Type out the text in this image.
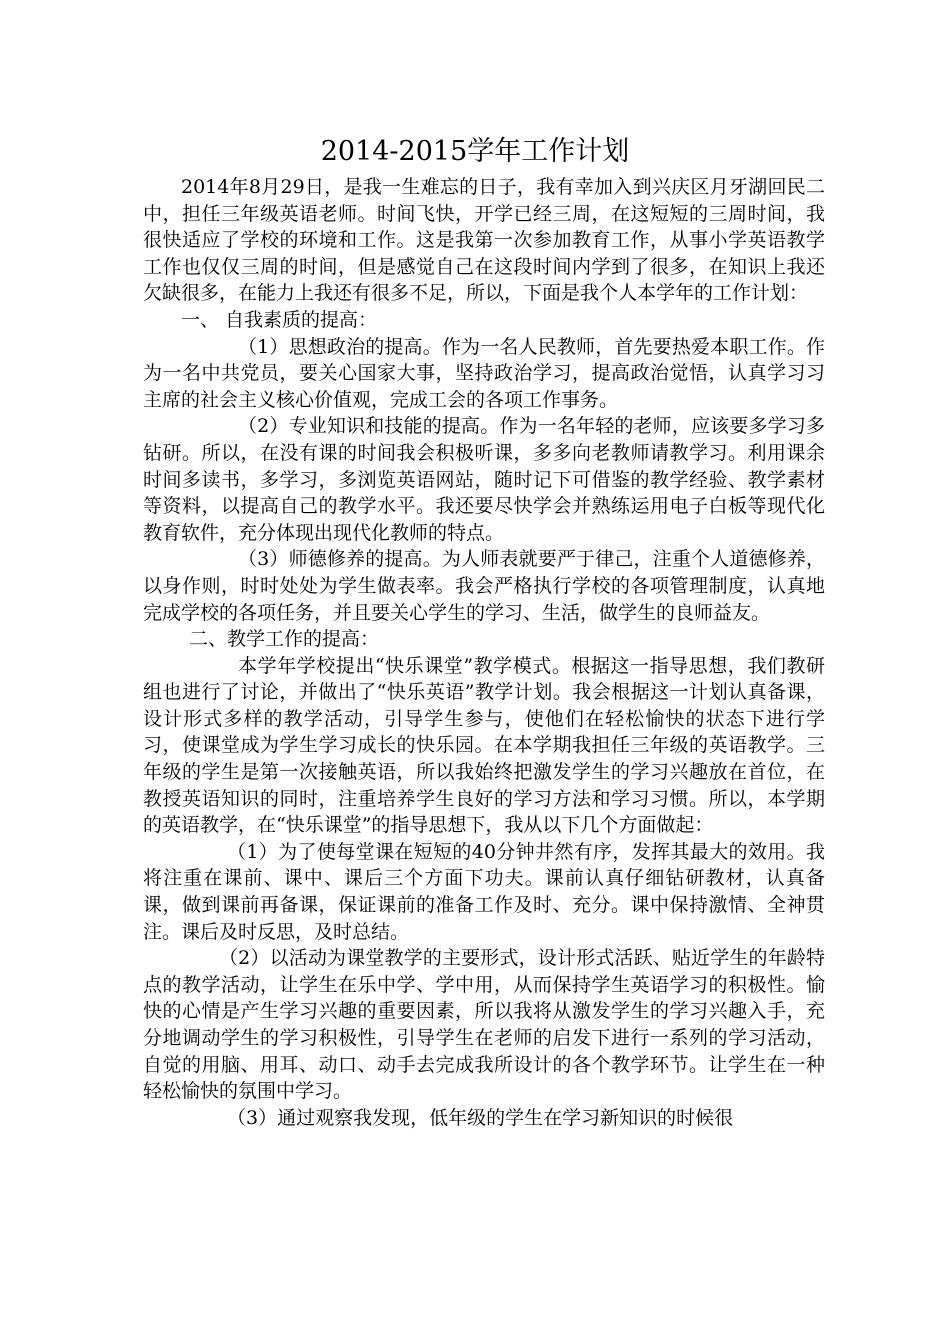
2014-2015学年工作计划

2014年8月29日，是我一生难忘的日子，我有幸加入到兴庆区月牙湖回民二中，担任三年级英语老师。时间飞快，开学已经三周，在这短短的三周时间，我很快适应了学校的环境和工作。这是我第一次参加教育工作，从事小学英语教学工作也仅仅三周的时间，但是感觉自己在这段时间内学到了很多，在知识上我还欠缺很多，在能力上我还有很多不足，所以，下面是我个人本学年的工作计划：

一、 自我素质的提高：

（1）思想政治的提高。作为一名人民教师，首先要热爱本职工作。作为一名中共党员，要关心国家大事，坚持政治学习，提高政治觉悟，认真学习习主席的社会主义核心价值观，完成工会的各项工作事务。

（2）专业知识和技能的提高。作为一名年轻的老师，应该要多学习多钻研。所以，在没有课的时间我会积极听课，多多向老教师请教学习。利用课余时间多读书，多学习，多浏览英语网站，随时记下可借鉴的教学经验、教学素材等资料，以提高自己的教学水平。我还要尽快学会并熟练运用电子白板等现代化教育软件，充分体现出现代化教师的特点。

（3）师德修养的提高。为人师表就要严于律己，注重个人道德修养，以身作则，时时处处为学生做表率。我会严格执行学校的各项管理制度，认真地完成学校的各项任务，并且要关心学生的学习、生活，做学生的良师益友。

二、教学工作的提高：

本学年学校提出“快乐课堂”教学模式。根据这一指导思想，我们教研组也进行了讨论，并做出了“快乐英语”教学计划。我会根据这一计划认真备课，设计形式多样的教学活动，引导学生参与，使他们在轻松愉快的状态下进行学习，使课堂成为学生学习成长的快乐园。在本学期我担任三年级的英语教学。三年级的学生是第一次接触英语，所以我始终把激发学生的学习兴趣放在首位，在教授英语知识的同时，注重培养学生良好的学习方法和学习习惯。所以，本学期的英语教学，在“快乐课堂”的指导思想下，我从以下几个方面做起：

（1）为了使每堂课在短短的40分钟井然有序，发挥其最大的效用。我将注重在课前、课中、课后三个方面下功夫。课前认真仔细钻研教材，认真备课，做到课前再备课，保证课前的准备工作及时、充分。课中保持激情、全神贯注。课后及时反思，及时总结。

（2）以活动为课堂教学的主要形式，设计形式活跃、贴近学生的年龄特点的教学活动，让学生在乐中学、学中用，从而保持学生英语学习的积极性。愉快的心情是产生学习兴趣的重要因素，所以我将从激发学生的学习兴趣入手，充分地调动学生的学习积极性，引导学生在老师的启发下进行一系列的学习活动，自觉的用脑、用耳、动口、动手去完成我所设计的各个教学环节。让学生在一种轻松愉快的氛围中学习。

（3）通过观察我发现，低年级的学生在学习新知识的时候很
